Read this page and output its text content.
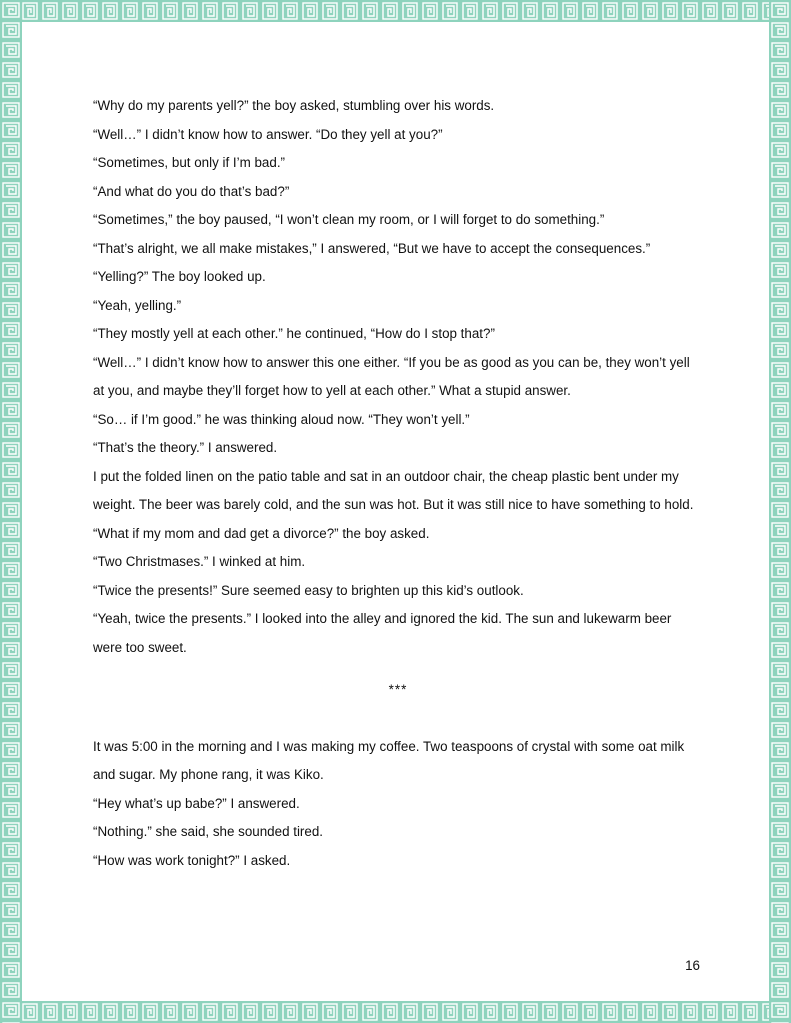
“Why do my parents yell?” the boy asked, stumbling over his words.

“Well…” I didn’t know how to answer. “Do they yell at you?”

“Sometimes, but only if I’m bad.”

“And what do you do that’s bad?”

“Sometimes,” the boy paused, “I won’t clean my room, or I will forget to do something.”

“That’s alright, we all make mistakes,” I answered, “But we have to accept the consequences.”

“Yelling?” The boy looked up.

“Yeah, yelling.”

“They mostly yell at each other.” he continued, “How do I stop that?”

“Well…” I didn’t know how to answer this one either. “If you be as good as you can be, they won’t yell at you, and maybe they’ll forget how to yell at each other.” What a stupid answer.

“So… if I’m good.” he was thinking aloud now. “They won’t yell.”

“That’s the theory.” I answered.

I put the folded linen on the patio table and sat in an outdoor chair, the cheap plastic bent under my weight. The beer was barely cold, and the sun was hot. But it was still nice to have something to hold.

“What if my mom and dad get a divorce?” the boy asked.

“Two Christmases.” I winked at him.

“Twice the presents!” Sure seemed easy to brighten up this kid’s outlook.

“Yeah, twice the presents.” I looked into the alley and ignored the kid. The sun and lukewarm beer were too sweet.

***

It was 5:00 in the morning and I was making my coffee. Two teaspoons of crystal with some oat milk and sugar. My phone rang, it was Kiko.

“Hey what’s up babe?” I answered.

“Nothing.” she said, she sounded tired.

“How was work tonight?” I asked.

16
